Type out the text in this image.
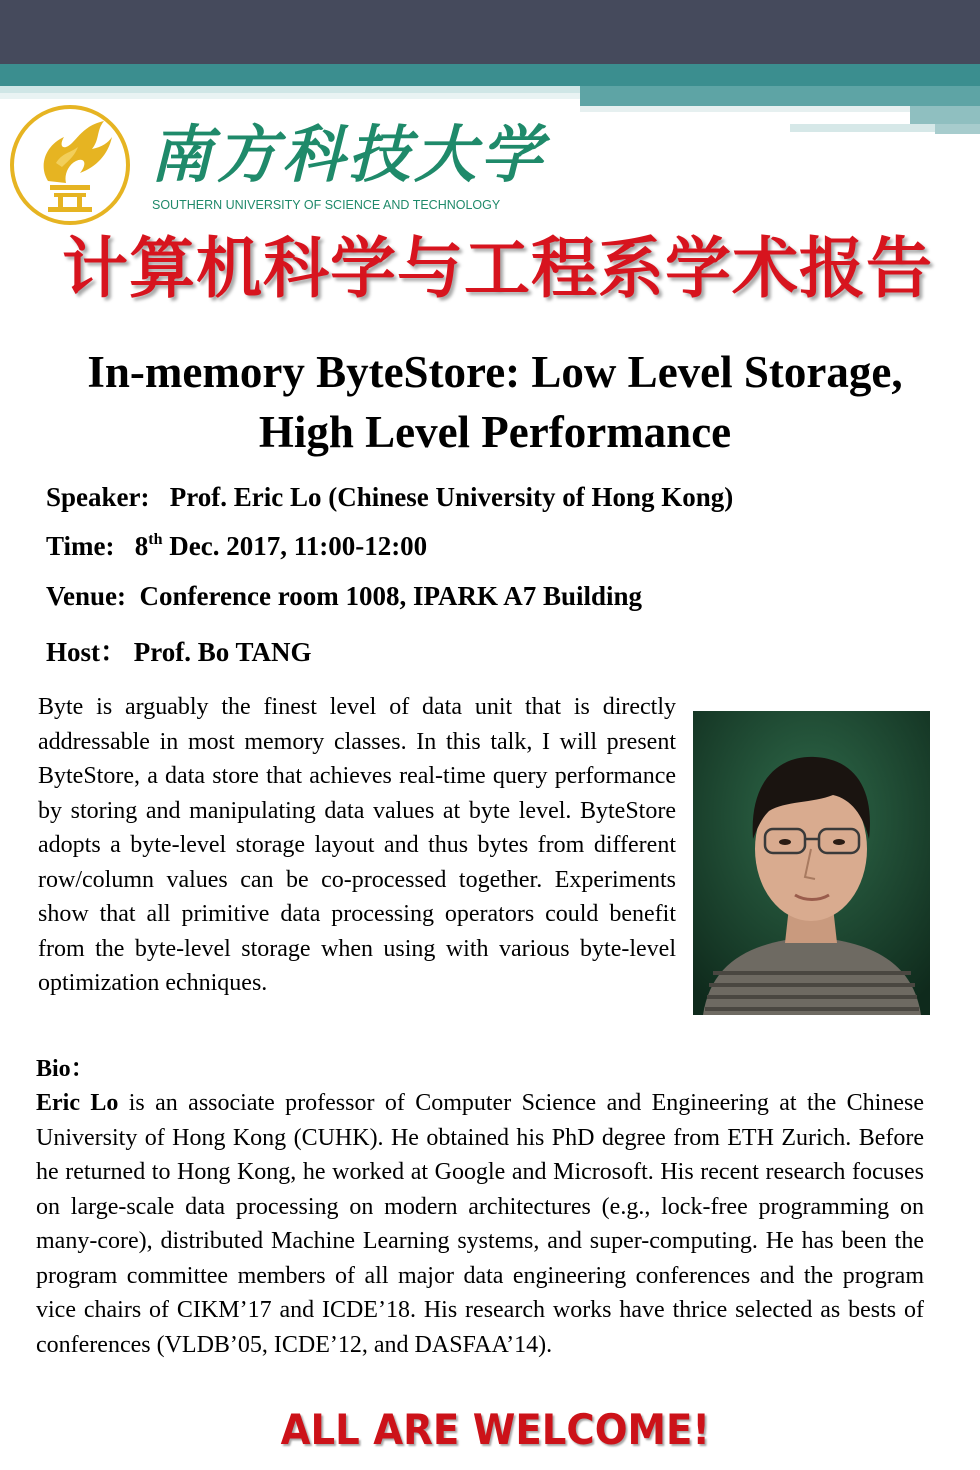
南方科技大学
SOUTHERN UNIVERSITY OF SCIENCE AND TECHNOLOGY
计算机科学与工程系学术报告
In-memory ByteStore: Low Level Storage,
High Level Performance
Speaker: Prof. Eric Lo (Chinese University of Hong Kong)
Time: 8th Dec. 2017, 11:00-12:00
Venue: Conference room 1008, IPARK A7 Building
Host： Prof. Bo TANG
Byte is arguably the finest level of data unit that is directly addressable in most memory classes. In this talk, I will present ByteStore, a data store that achieves real-time query performance by storing and manipulating data values at byte level. ByteStore adopts a byte-level storage layout and thus bytes from different row/column values can be co-processed together. Experiments show that all primitive data processing operators could benefit from the byte-level storage when using with various byte-level optimization echniques.
Bio：
Eric Lo is an associate professor of Computer Science and Engineering at the Chinese University of Hong Kong (CUHK). He obtained his PhD degree from ETH Zurich. Before he returned to Hong Kong, he worked at Google and Microsoft. His recent research focuses on large-scale data processing on modern architectures (e.g., lock-free programming on many-core), distributed Machine Learning systems, and super-computing. He has been the program committee members of all major data engineering conferences and the program vice chairs of CIKM’17 and ICDE’18. His research works have thrice selected as bests of conferences (VLDB’05, ICDE’12, and DASFAA’14).
ALL ARE WELCOME!
